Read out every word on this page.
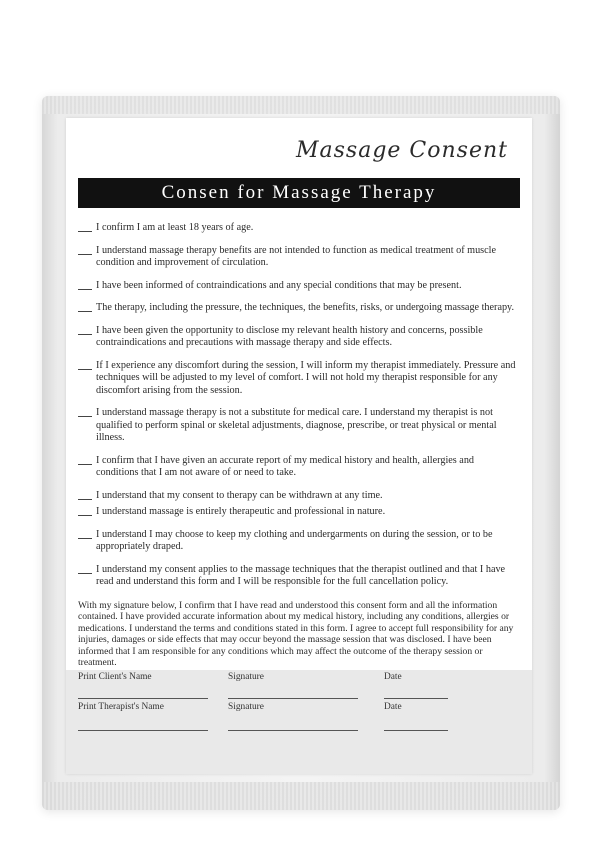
Massage Consent
Consen for Massage Therapy
I confirm I am at least 18 years of age.
I understand massage therapy benefits are not intended to function as medical treatment of muscle condition and improvement of circulation.
I have been informed of contraindications and any special conditions that may be present.
The therapy, including the pressure, the techniques, the benefits, risks, or undergoing massage therapy.
I have been given the opportunity to disclose my relevant health history and concerns, possible contraindications and precautions with massage therapy and side effects.
If I experience any discomfort during the session, I will inform my therapist immediately. Pressure and techniques will be adjusted to my level of comfort. I will not hold my therapist responsible for any discomfort arising from the session.
I understand massage therapy is not a substitute for medical care. I understand my therapist is not qualified to perform spinal or skeletal adjustments, diagnose, prescribe, or treat physical or mental illness.
I confirm that I have given an accurate report of my medical history and health, allergies and conditions that I am not aware of or need to take.
I understand that my consent to therapy can be withdrawn at any time.
I understand massage is entirely therapeutic and professional in nature.
I understand I may choose to keep my clothing and undergarments on during the session, or to be appropriately draped.
I understand my consent applies to the massage techniques that the therapist outlined and that I have read and understand this form and I will be responsible for the full cancellation policy.
With my signature below, I confirm that I have read and understood this consent form and all the information contained. I have provided accurate information about my medical history, including any conditions, allergies or medications. I understand the terms and conditions stated in this form. I agree to accept full responsibility for any injuries, damages or side effects that may occur beyond the massage session that was disclosed. I have been informed that I am responsible for any conditions which may affect the outcome of the therapy session or treatment.
Print Client's Name	Signature	Date
Print Therapist's Name	Signature	Date
